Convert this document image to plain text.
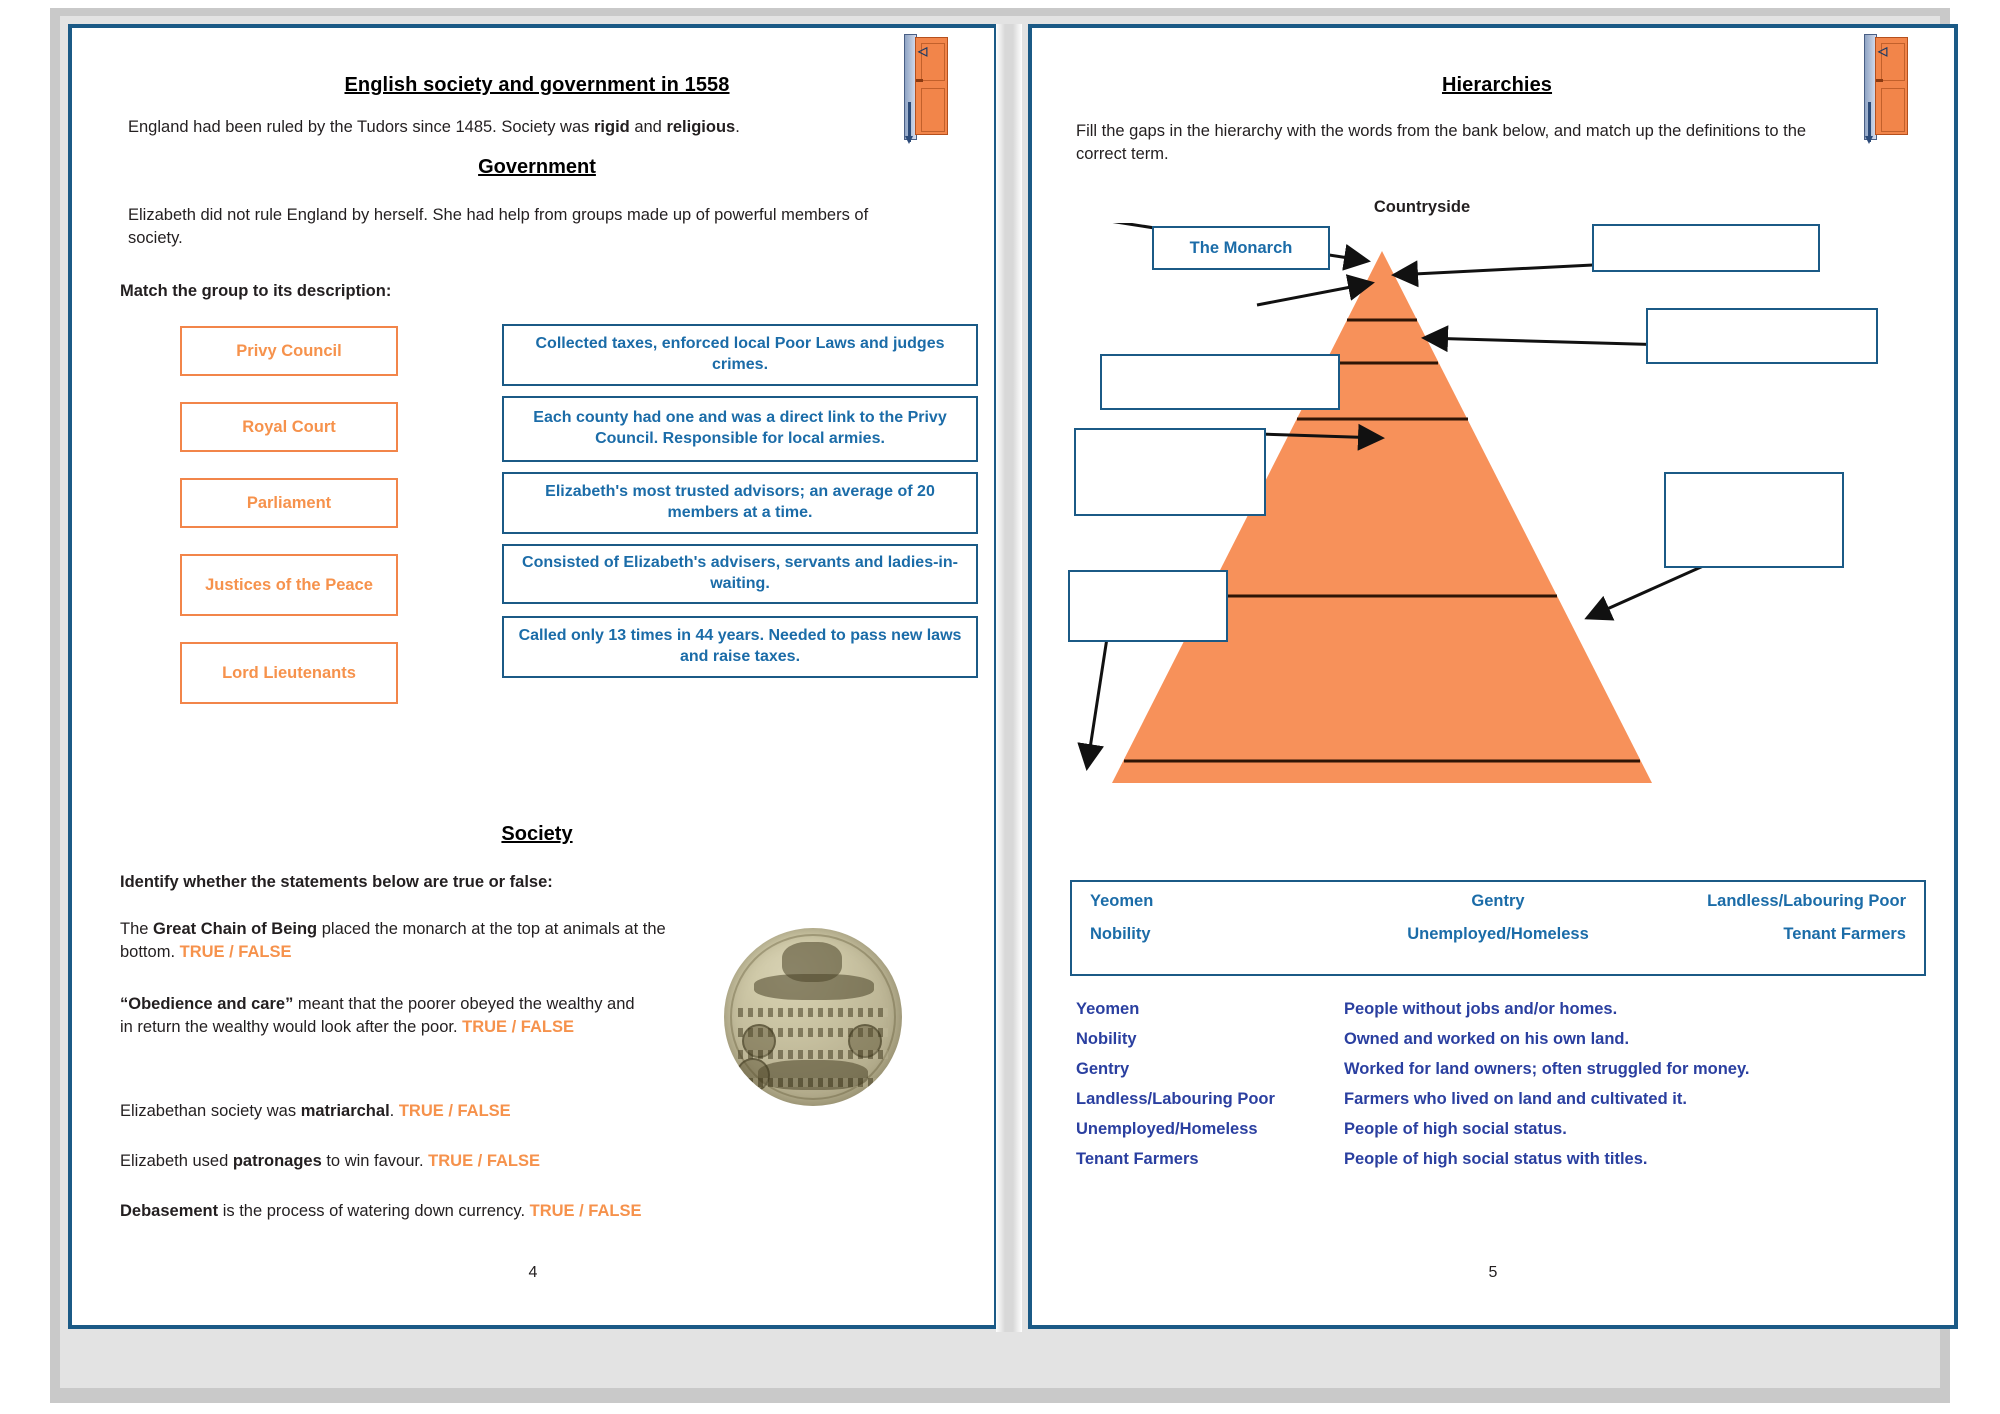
◁
English society and government in 1558

England had been ruled by the Tudors since 1485. Society was rigid and religious.

Government

Elizabeth did not rule England by herself. She had help from groups made up of powerful members of society.

Match the group to its description:
Privy Council
Royal Court
Parliament
Justices of the Peace
Lord Lieutenants
Collected taxes, enforced local Poor Laws and judges crimes.
Each county had one and was a direct link to the Privy Council. Responsible for local armies.
Elizabeth's most trusted advisors; an average of 20 members at a time.
Consisted of Elizabeth's advisers, servants and ladies-in-waiting.
Called only 13 times in 44 years. Needed to pass new laws and raise taxes.
Society
Identify whether the statements below are true or false:

The Great Chain of Being placed the monarch at the top at animals at the bottom. TRUE / FALSE

“Obedience and care” meant that the poorer obeyed the wealthy and in return the wealthy would look after the poor. TRUE / FALSE

Elizabethan society was matriarchal. TRUE / FALSE

Elizabeth used patronages to win favour. TRUE / FALSE

Debasement is the process of watering down currency. TRUE / FALSE

4
◁
Hierarchies

Fill the gaps in the hierarchy with the words from the bank below, and match up the definitions to the correct term.

Countryside
The Monarch
Yeomen	Gentry	Landless/Labouring Poor
Nobility	Unemployed/Homeless	Tenant Farmers
Yeomen	People without jobs and/or homes.
Nobility	Owned and worked on his own land.
Gentry	Worked for land owners; often struggled for money.
Landless/Labouring Poor	Farmers who lived on land and cultivated it.
Unemployed/Homeless	People of high social status.
Tenant Farmers	People of high social status with titles.
5
